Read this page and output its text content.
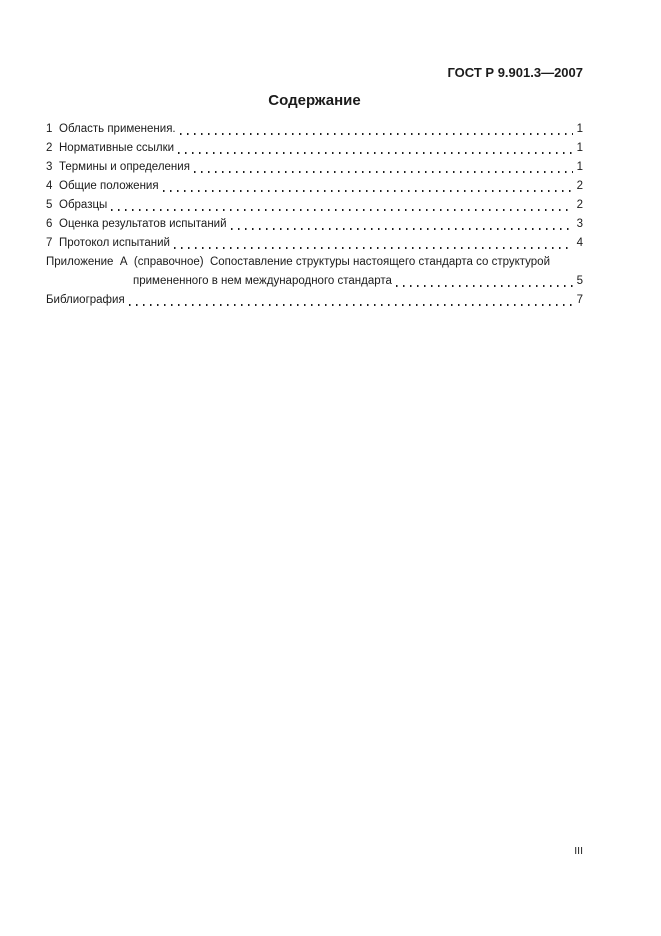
ГОСТ Р 9.901.3—2007
Содержание
1 Область применения.	1
2 Нормативные ссылки	1
3 Термины и определения	1
4 Общие положения	2
5 Образцы	2
6 Оценка результатов испытаний	3
7 Протокол испытаний	4
Приложение  А  (справочное)  Сопоставление структуры настоящего стандарта со структурой
примененного в нем международного стандарта	5
Библиография	7
III
